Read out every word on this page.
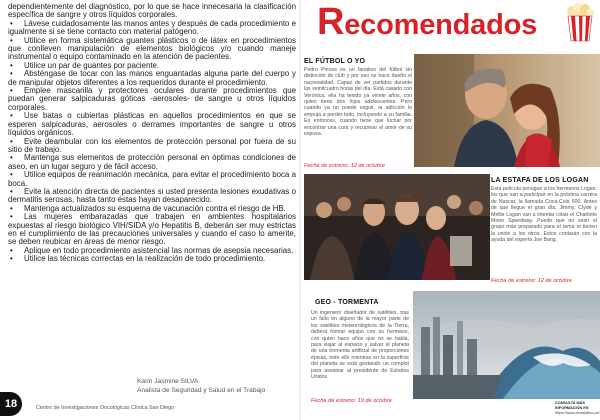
dependientemente del diagnóstico, por lo que se hace innecesaria la clasificación específica de sangre y otros líquidos corporales.

• Lávese cuidadosamente las manos antes y después de cada procedimiento e igualmente si se tiene contacto con material patógeno.

• Utilice en forma sistemática guantes plásticos o de látex en procedimientos que conlleven manipulación de elementos biológicos y/o cuando maneje instrumental o equipo contaminado en la atención de pacientes.

• Utilice un par de guantes por paciente.

• Absténgase de tocar con las manos enguantadas alguna parte del cuerpo y de manipular objetos diferentes a los requeridos durante el procedimiento.

• Emplee mascarilla y protectores oculares durante procedimientos que puedan generar salpicaduras góticas -aerosoles- de sangre u otros líquidos corporales.

• Use batas o cubiertas plásticas en aquellos procedimientos en que se esperen salpicaduras, aerosoles o derrames importantes de sangre u otros líquidos orgánicos.

• Evite deambular con los elementos de protección personal por fuera de su sitio de trabajo.

• Mantenga sus elementos de protección personal en óptimas condiciones de aseo, en un lugar seguro y de fácil acceso.

• Utilice equipos de reanimación mecánica, para evitar el procedimiento boca a boca.

• Evite la atención directa de pacientes si usted presenta lesiones exudativas o dermatitis serosas, hasta tanto éstas hayan desaparecido.

• Mantenga actualizados su esquema de vacunación contra el riesgo de HB.

• Las mujeres embarazadas que trabajen en ambientes hospitalarios expuestas al riesgo biológico VIH/SIDA y/o Hepatitis B, deberán ser muy estrictas en el cumplimiento de las precauciones universales y cuando el caso lo amerite, se deben reubicar en áreas de menor riesgo.

• Aplique en todo procedimiento asistencial las normas de asepsia necesarias.

• Utilice las técnicas correctas en la realización de todo procedimiento.

Karin Jasmine SILVA
Analista de Seguridad y Salud en el Trabajo
18	Centro de Investigaciones Oncológicas Clínica San Diego
Recomendados
EL FÚTBOL O YO
Pedro Pinnos es un fanático del fútbol sin distinción de club y por eso se hace dueño el nacionalidad. Capaz de ver partidos durante las veinticuatro horas del día. Está casado con Verónica, ella ha tenido ya veinte años, con quien tiene dos hijos adolescentes. Pero cuando ya no puede seguir, la adicción lo empuja a perder todo, incluyendo a su familia. En entonces, cuando tiene que luchar por encontrar una cura y recuperar el amor de su esposa.
Fecha de estreno: 12 de octubre
LA ESTAFA DE LOS LOGAN
Esta película persigue a los hermanos Logan, los que van a participar en la próxima carrera de Nascar, la llamada Coca-Cola 600. Antes de que llegue el gran día, Jimmy, Clyde y Mellie Logan van a intentar robar el Charlotte Motor Speedway. Puede que no sean el grupo más preparado para el tema ni tienen la unión a los otros. Estos contarán con la ayuda del experto Joe Bang.
Fecha de estreno: 12 de octubre
GEO - TORMENTA
Un ingeniero diseñador de satélites, tras un fallo en alguno de la mayor parte de los satélites meteorológicos de la Tierra, deberá formar equipo con su hermano, con quien hace años que no se habla, para viajar al espacio y salvar al planeta de una tormenta artificial de proporciones épicas, todo ello mientras en la superficie del planeta se está gestando un complot para asesinar al presidente de Estados Unidos.
Fecha de estreno: 19 de octubre	CONSULTA MÁS INFORMACIÓN EN
https://www.cineslatino.pe/
